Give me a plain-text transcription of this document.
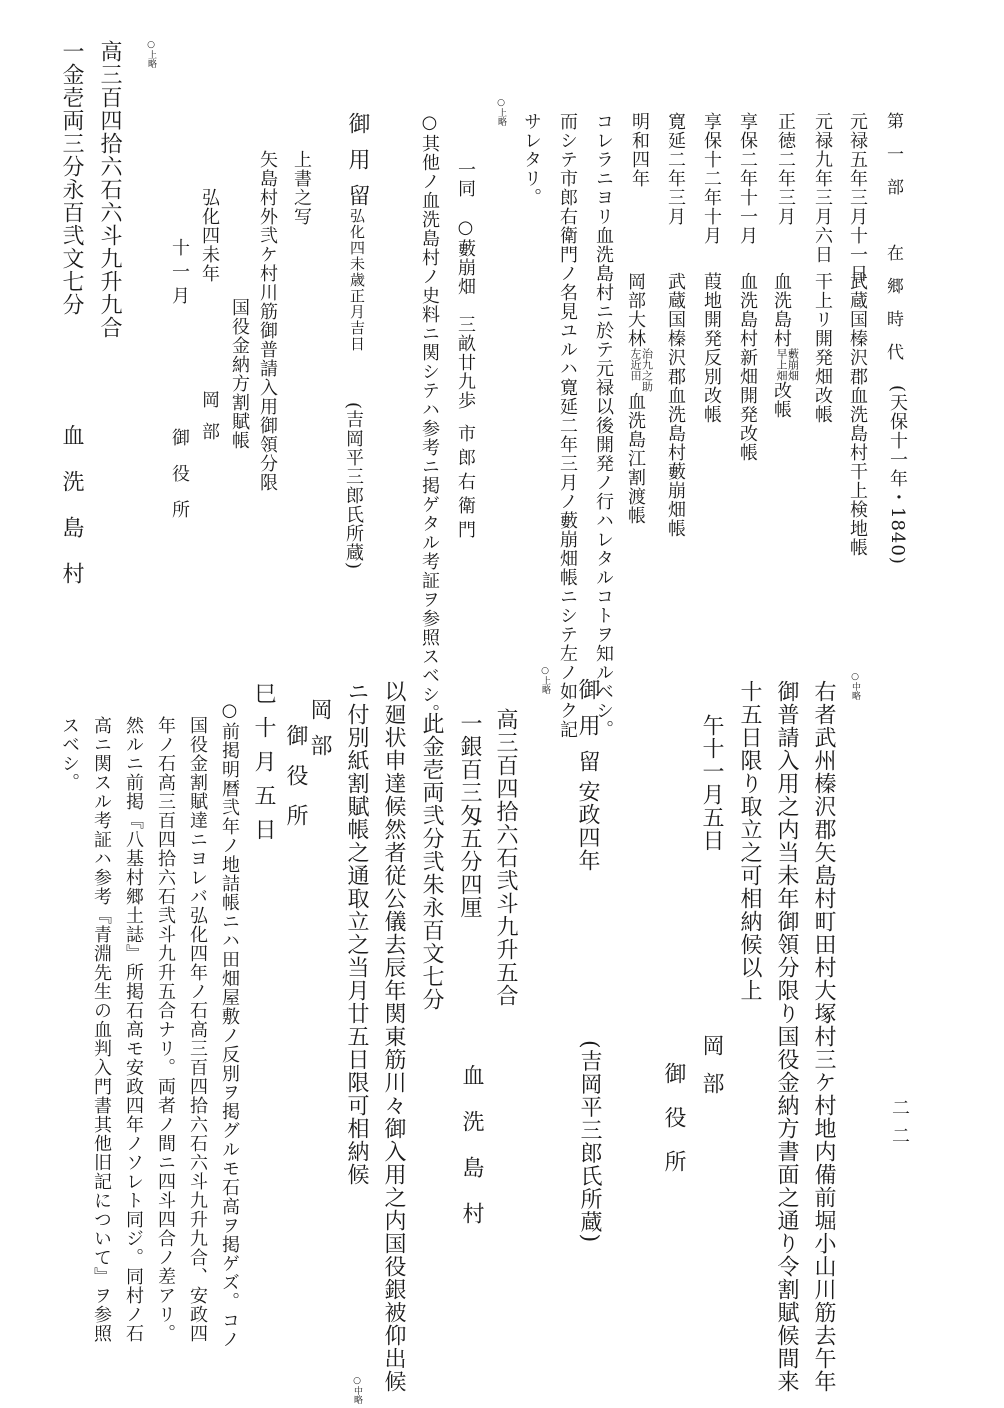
第一部　在郷時代
(天保十一年・1840)
二二
元禄五年三月十一日
武蔵国榛沢郡血洗島村干上検地帳
元禄九年三月六日
干上リ開発畑改帳
正徳二年三月
血洗島村
藪崩畑
早上畑
改帳
享保二年十一月
血洗島村新畑開発改帳
享保十二年十月
葭地開発反別改帳
寛延二年三月
武蔵国榛沢郡血洗島村藪崩畑帳
明和四年
岡部大林
治九之助
左近田
血洗島江割渡帳
コレラニヨリ血洗島村ニ於テ元禄以後開発ノ行ハレタルコトヲ知ルベシ。
而シテ市郎右衛門ノ名見ユルハ寛延二年三月ノ藪崩畑帳ニシテ左ノ如ク記
サレタリ。
○上略
一同　○藪崩畑　三畝廿九歩
市郎右衛門
○其他ノ血洗島村ノ史料ニ関シテハ参考ニ掲ゲタル考証ヲ参照スベシ。
御用留
弘化四未歳正月吉日
(吉岡平三郎氏所蔵)
上書之写
矢島村外弐ケ村川筋御普請入用御領分限
国役金納方割賦帳
弘化四未年
岡部
十一月
御役所
○上略
高三百四拾六石六斗九升九合
一金壱両三分永百弐文七分
血洗島村
○中略
右者武州榛沢郡矢島村町田村大塚村三ケ村地内備前堀小山川筋去午年
御普請入用之内当未年御領分限り国役金納方書面之通り令割賦候間来
十五日限り取立之可相納候以上
午十一月五日
岡部
御役所
御用留
安政四年
(吉岡平三郎氏所蔵)
○上略
高三百四拾六石弐斗九升五合
一銀百三匁五分四厘
血洗島村
此金壱両弐分弐朱永百文七分
以廻状申達候然者従公儀去辰年関東筋川々御入用之内国役銀被仰出候
ニ付別紙割賦帳之通取立之当月廿五日限可相納候
○中略
岡部
御役所
巳十月五日
○前掲明暦弐年ノ地詰帳ニハ田畑屋敷ノ反別ヲ掲グルモ石高ヲ掲ゲズ。コノ
国役金割賦達ニヨレバ弘化四年ノ石高三百四拾六石六斗九升九合、安政四
年ノ石高三百四拾六石弐斗九升五合ナリ。両者ノ間ニ四斗四合ノ差アリ。
然ルニ前掲『八基村郷土誌』所掲石高モ安政四年ノソレト同ジ。同村ノ石
高ニ関スル考証ハ参考『青淵先生の血判入門書其他旧記について』ヲ参照
スベシ。
